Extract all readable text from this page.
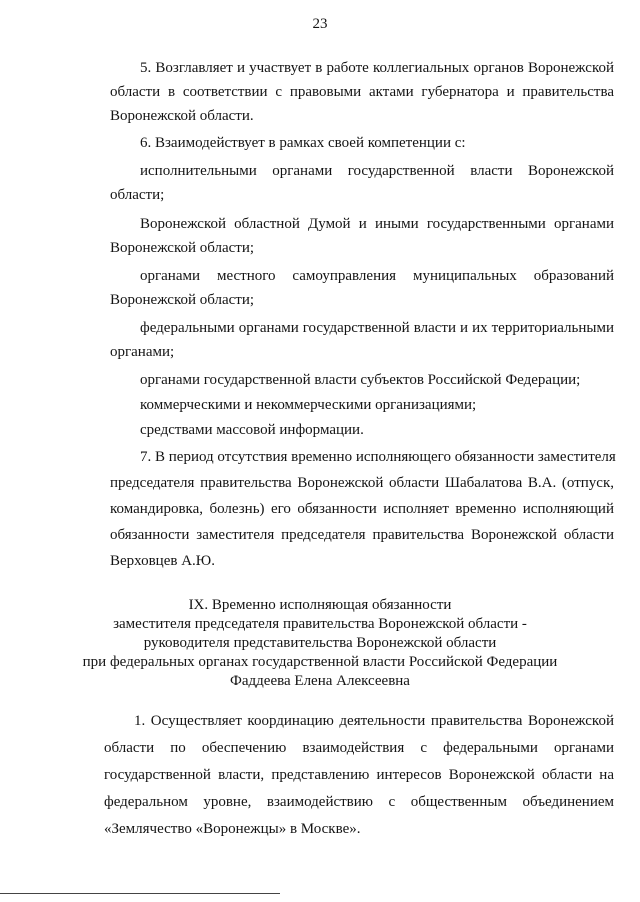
23
5. Возглавляет и участвует в работе коллегиальных органов Воронежской
области в соответствии с правовыми актами губернатора и правительства
Воронежской области.
6. Взаимодействует в рамках своей компетенции с:
исполнительными органами государственной власти Воронежской
области;
Воронежской областной Думой и иными государственными органами
Воронежской области;
органами местного самоуправления муниципальных образований
Воронежской области;
федеральными органами государственной власти и их территориальными
органами;
органами государственной власти субъектов Российской Федерации;
коммерческими и некоммерческими организациями;
средствами массовой информации.
7. В период отсутствия временно исполняющего обязанности заместителя
председателя правительства Воронежской области Шабалатова В.А. (отпуск,
командировка, болезнь) его обязанности исполняет временно исполняющий
обязанности заместителя председателя правительства Воронежской области
Верховцев А.Ю.
IX. Временно исполняющая обязанности
заместителя председателя правительства Воронежской области -
руководителя представительства Воронежской области
при федеральных органах государственной власти Российской Федерации
Фаддеева Елена Алексеевна
1. Осуществляет координацию деятельности правительства Воронежской
области по обеспечению взаимодействия с федеральными органами
государственной власти, представлению интересов Воронежской области на
федеральном уровне, взаимодействию с общественным объединением
«Землячество «Воронежцы» в Москве».
